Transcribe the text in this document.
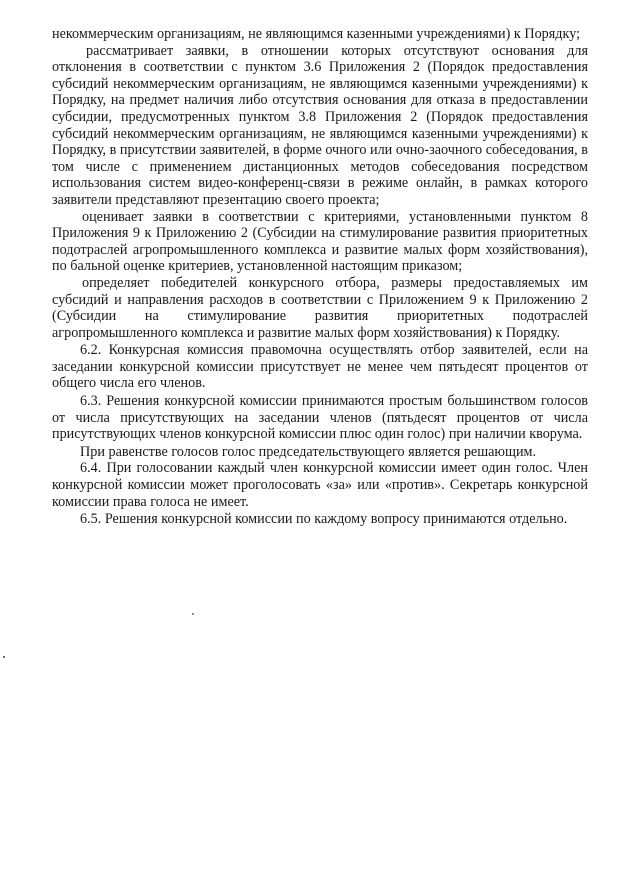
некоммерческим организациям, не являющимся казенными учреждениями) к Порядку;

рассматривает заявки, в отношении которых отсутствуют основания для отклонения в соответствии с пунктом 3.6 Приложения 2 (Порядок предоставления субсидий некоммерческим организациям, не являющимся казенными учреждениями) к Порядку, на предмет наличия либо отсутствия основания для отказа в предоставлении субсидии, предусмотренных пунктом 3.8 Приложения 2 (Порядок предоставления субсидий некоммерческим организациям, не являющимся казенными учреждениями) к Порядку, в присутствии заявителей, в форме очного или очно-заочного собеседования, в том числе с применением дистанционных методов собеседования посредством использования систем видео-конференц-связи в режиме онлайн, в рамках которого заявители представляют презентацию своего проекта;

оценивает заявки в соответствии с критериями, установленными пунктом 8 Приложения 9 к Приложению 2 (Субсидии на стимулирование развития приоритетных подотраслей агропромышленного комплекса и развитие малых форм хозяйствования), по бальной оценке критериев, установленной настоящим приказом;

определяет победителей конкурсного отбора, размеры предоставляемых им субсидий и направления расходов в соответствии с Приложением 9 к Приложению 2 (Субсидии на стимулирование развития приоритетных подотраслей агропромышленного комплекса и развитие малых форм хозяйствования) к Порядку.

6.2. Конкурсная комиссия правомочна осуществлять отбор заявителей, если на заседании конкурсной комиссии присутствует не менее чем пятьдесят процентов от общего числа его членов.

6.3. Решения конкурсной комиссии принимаются простым большинством голосов от числа присутствующих на заседании членов (пятьдесят процентов от числа присутствующих членов конкурсной комиссии плюс один голос) при наличии кворума.

При равенстве голосов голос председательствующего является решающим.

6.4. При голосовании каждый член конкурсной комиссии имеет один голос. Член конкурсной комиссии может проголосовать «за» или «против». Секретарь конкурсной комиссии права голоса не имеет.

6.5. Решения конкурсной комиссии по каждому вопросу принимаются отдельно.
